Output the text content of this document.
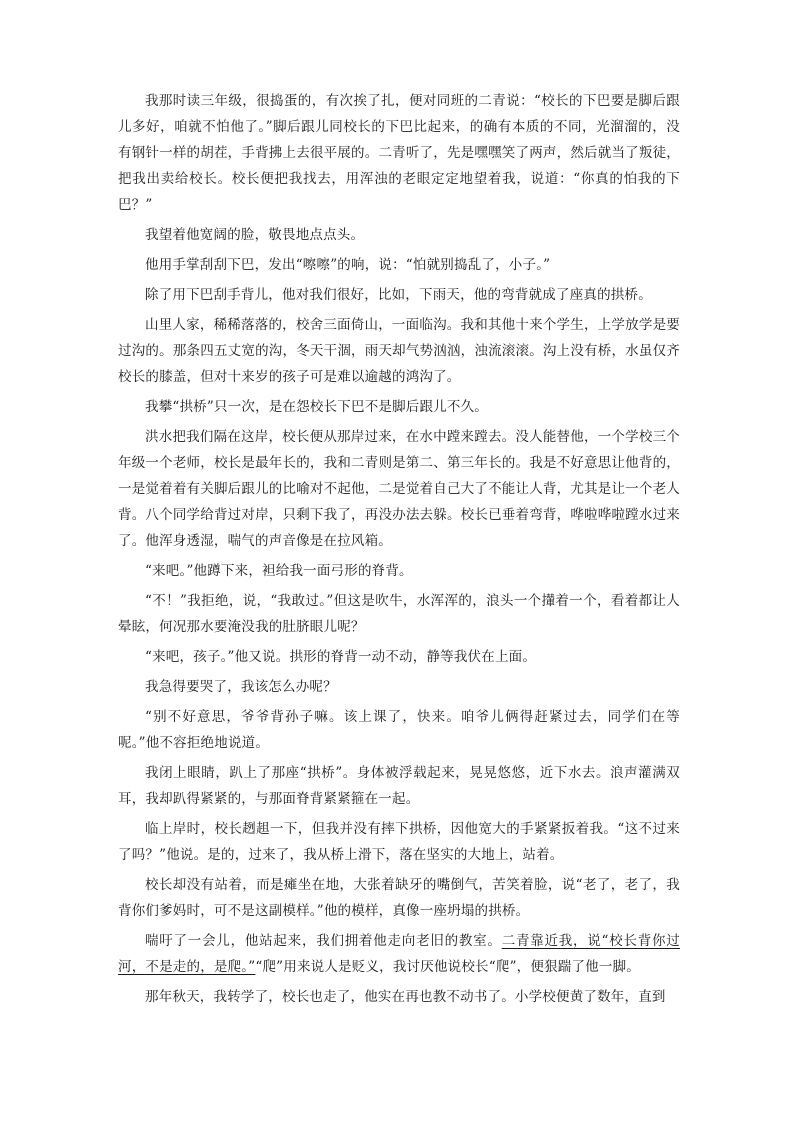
我那时读三年级，很捣蛋的，有次挨了扎，便对同班的二青说：“校长的下巴要是脚后跟儿多好，咱就不怕他了。”脚后跟儿同校长的下巴比起来，的确有本质的不同，光溜溜的，没有钢针一样的胡茬，手背拂上去很平展的。二青听了，先是嘿嘿笑了两声，然后就当了叛徒，把我出卖给校长。校长便把我找去，用浑浊的老眼定定地望着我，说道：“你真的怕我的下巴？”

我望着他宽阔的脸，敬畏地点点头。

他用手掌刮刮下巴，发出“嚓嚓”的响，说：“怕就别捣乱了，小子。”

除了用下巴刮手背儿，他对我们很好，比如，下雨天，他的弯背就成了座真的拱桥。

山里人家，稀稀落落的，校舍三面倚山，一面临沟。我和其他十来个学生，上学放学是要过沟的。那条四五丈宽的沟，冬天干涸，雨天却气势汹汹，浊流滚滚。沟上没有桥，水虽仅齐校长的膝盖，但对十来岁的孩子可是难以逾越的鸿沟了。

我攀“拱桥”只一次，是在怨校长下巴不是脚后跟儿不久。

洪水把我们隔在这岸，校长便从那岸过来，在水中蹚来蹚去。没人能替他，一个学校三个年级一个老师，校长是最年长的，我和二青则是第二、第三年长的。我是不好意思让他背的，一是觉着着有关脚后跟儿的比喻对不起他，二是觉着自己大了不能让人背，尤其是让一个老人背。八个同学给背过对岸，只剩下我了，再没办法去躲。校长已垂着弯背，哗啦哗啦蹚水过来了。他浑身透湿，喘气的声音像是在拉风箱。

“来吧。”他蹲下来，袒给我一面弓形的脊背。

“不！”我拒绝，说，“我敢过。”但这是吹牛，水浑浑的，浪头一个攆着一个，看着都让人晕眩，何况那水要淹没我的肚脐眼儿呢？

“来吧，孩子。”他又说。拱形的脊背一动不动，静等我伏在上面。

我急得要哭了，我该怎么办呢？

“别不好意思，爷爷背孙子嘛。该上课了，快来。咱爷儿俩得赶紧过去，同学们在等呢。”他不容拒绝地说道。

我闭上眼睛，趴上了那座“拱桥”。身体被浮载起来，晃晃悠悠，近下水去。浪声灌满双耳，我却趴得紧紧的，与那面脊背紧紧箍在一起。

临上岸时，校长趔趄一下，但我并没有摔下拱桥，因他宽大的手紧紧扳着我。“这不过来了吗？”他说。是的，过来了，我从桥上滑下，落在坚实的大地上，站着。

校长却没有站着，而是瘫坐在地，大张着缺牙的嘴倒气，苦笑着脸，说“老了，老了，我背你们爹妈时，可不是这副模样。”他的模样，真像一座坍塌的拱桥。

喘吁了一会儿，他站起来，我们拥着他走向老旧的教室。二青靠近我，说“校长背你过河，不是走的，是爬。”“爬”用来说人是贬义，我讨厌他说校长“爬”，便狠踹了他一脚。

那年秋天，我转学了，校长也走了，他实在再也教不动书了。小学校便黄了数年，直到
